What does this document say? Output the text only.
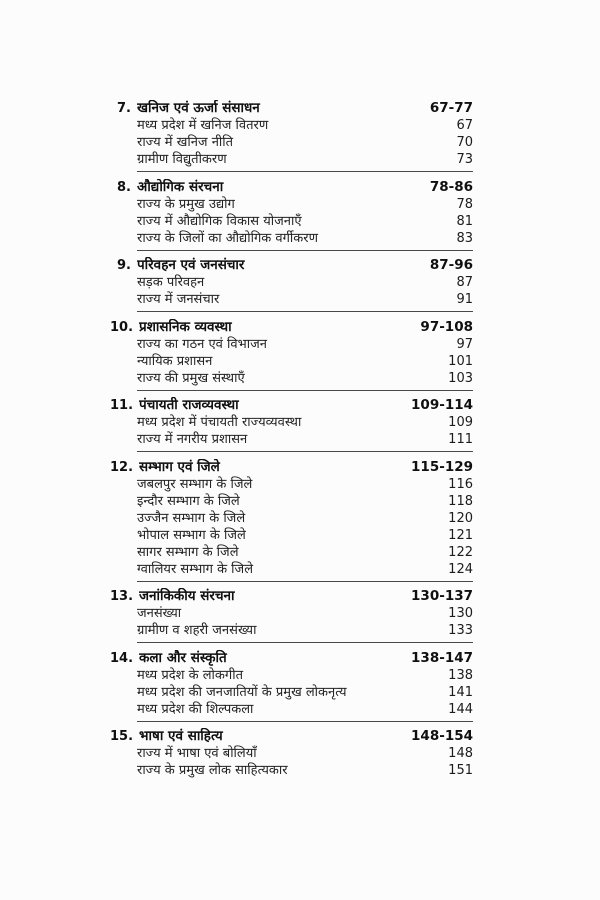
7. खनिज एवं ऊर्जा संसाधन	67-77
मध्य प्रदेश में खनिज वितरण	67
राज्य में खनिज नीति	70
ग्रामीण विद्युतीकरण	73
8. औद्योगिक संरचना	78-86
राज्य के प्रमुख उद्योग	78
राज्य में औद्योगिक विकास योजनाएँ	81
राज्य के जिलों का औद्योगिक वर्गीकरण	83
9. परिवहन एवं जनसंचार	87-96
सड़क परिवहन	87
राज्य में जनसंचार	91
10. प्रशासनिक व्यवस्था	97-108
राज्य का गठन एवं विभाजन	97
न्यायिक प्रशासन	101
राज्य की प्रमुख संस्थाएँ	103
11. पंचायती राजव्यवस्था	109-114
मध्य प्रदेश में पंचायती राज्यव्यवस्था	109
राज्य में नगरीय प्रशासन	111
12. सम्भाग एवं जिले	115-129
जबलपुर सम्भाग के जिले	116
इन्दौर सम्भाग के जिले	118
उज्जैन सम्भाग के जिले	120
भोपाल सम्भाग के जिले	121
सागर सम्भाग के जिले	122
ग्वालियर सम्भाग के जिले	124
13. जनांकिकीय संरचना	130-137
जनसंख्या	130
ग्रामीण व शहरी जनसंख्या	133
14. कला और संस्कृति	138-147
मध्य प्रदेश के लोकगीत	138
मध्य प्रदेश की जनजातियों के प्रमुख लोकनृत्य	141
मध्य प्रदेश की शिल्पकला	144
15. भाषा एवं साहित्य	148-154
राज्य में भाषा एवं बोलियाँ	148
राज्य के प्रमुख लोक साहित्यकार	151
